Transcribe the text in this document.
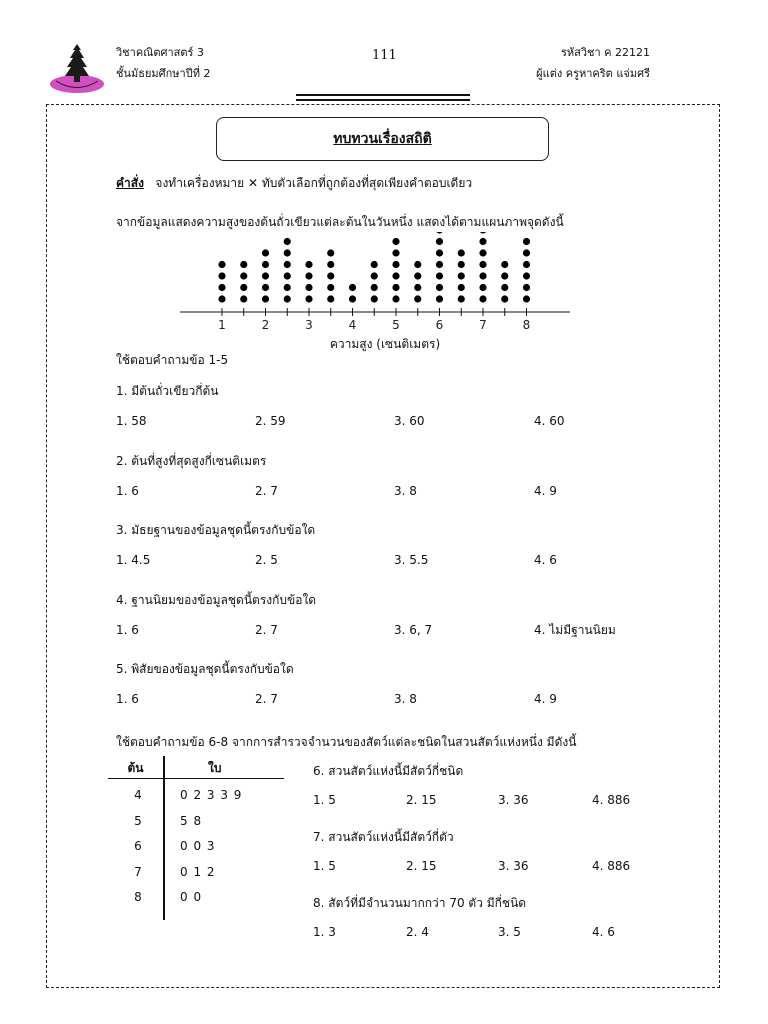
วิชาคณิตศาสตร์ 3
ชั้นมัธยมศึกษาปีที่ 2
111	รหัสวิชา ค 22121
ผู้แต่ง ครูหาคริต แจ่มศรี
ทบทวนเรื่องสถิติ
คำสั่ง จงทำเครื่องหมาย ✕ ทับตัวเลือกที่ถูกต้องที่สุดเพียงคำตอบเดียว
จากข้อมูลแสดงความสูงของต้นถั่วเขียวแต่ละต้นในวันหนึ่ง แสดงได้ตามแผนภาพจุดดังนี้
1	2	3	4	5	6	7	8
ความสูง (เซนติเมตร)
ใช้ตอบคำถามข้อ 1-5
1. มีต้นถั่วเขียวกี่ต้น
1. 58	2. 59	3. 60	4. 60
2. ต้นที่สูงที่สุดสูงกี่เซนติเมตร
1. 6	2. 7	3. 8	4. 9
3. มัธยฐานของข้อมูลชุดนี้ตรงกับข้อใด
1. 4.5	2. 5	3. 5.5	4. 6
4. ฐานนิยมของข้อมูลชุดนี้ตรงกับข้อใด
1. 6	2. 7	3. 6, 7	4. ไม่มีฐานนิยม
5. พิสัยของข้อมูลชุดนี้ตรงกับข้อใด
1. 6	2. 7	3. 8	4. 9
ใช้ตอบคำถามข้อ 6-8 จากการสำรวจจำนวนของสัตว์แต่ละชนิดในสวนสัตว์แห่งหนึ่ง มีดังนี้
ต้น	ใบ
4	0 2 3 3 9
5	5 8
6	0 0 3
7	0 1 2
8	0 0
6. สวนสัตว์แห่งนี้มีสัตว์กี่ชนิด
1. 5	2. 15	3. 36	4. 886
7. สวนสัตว์แห่งนี้มีสัตว์กี่ตัว
1. 5	2. 15	3. 36	4. 886
8. สัตว์ที่มีจำนวนมากกว่า 70 ตัว มีกี่ชนิด
1. 3	2. 4	3. 5	4. 6
